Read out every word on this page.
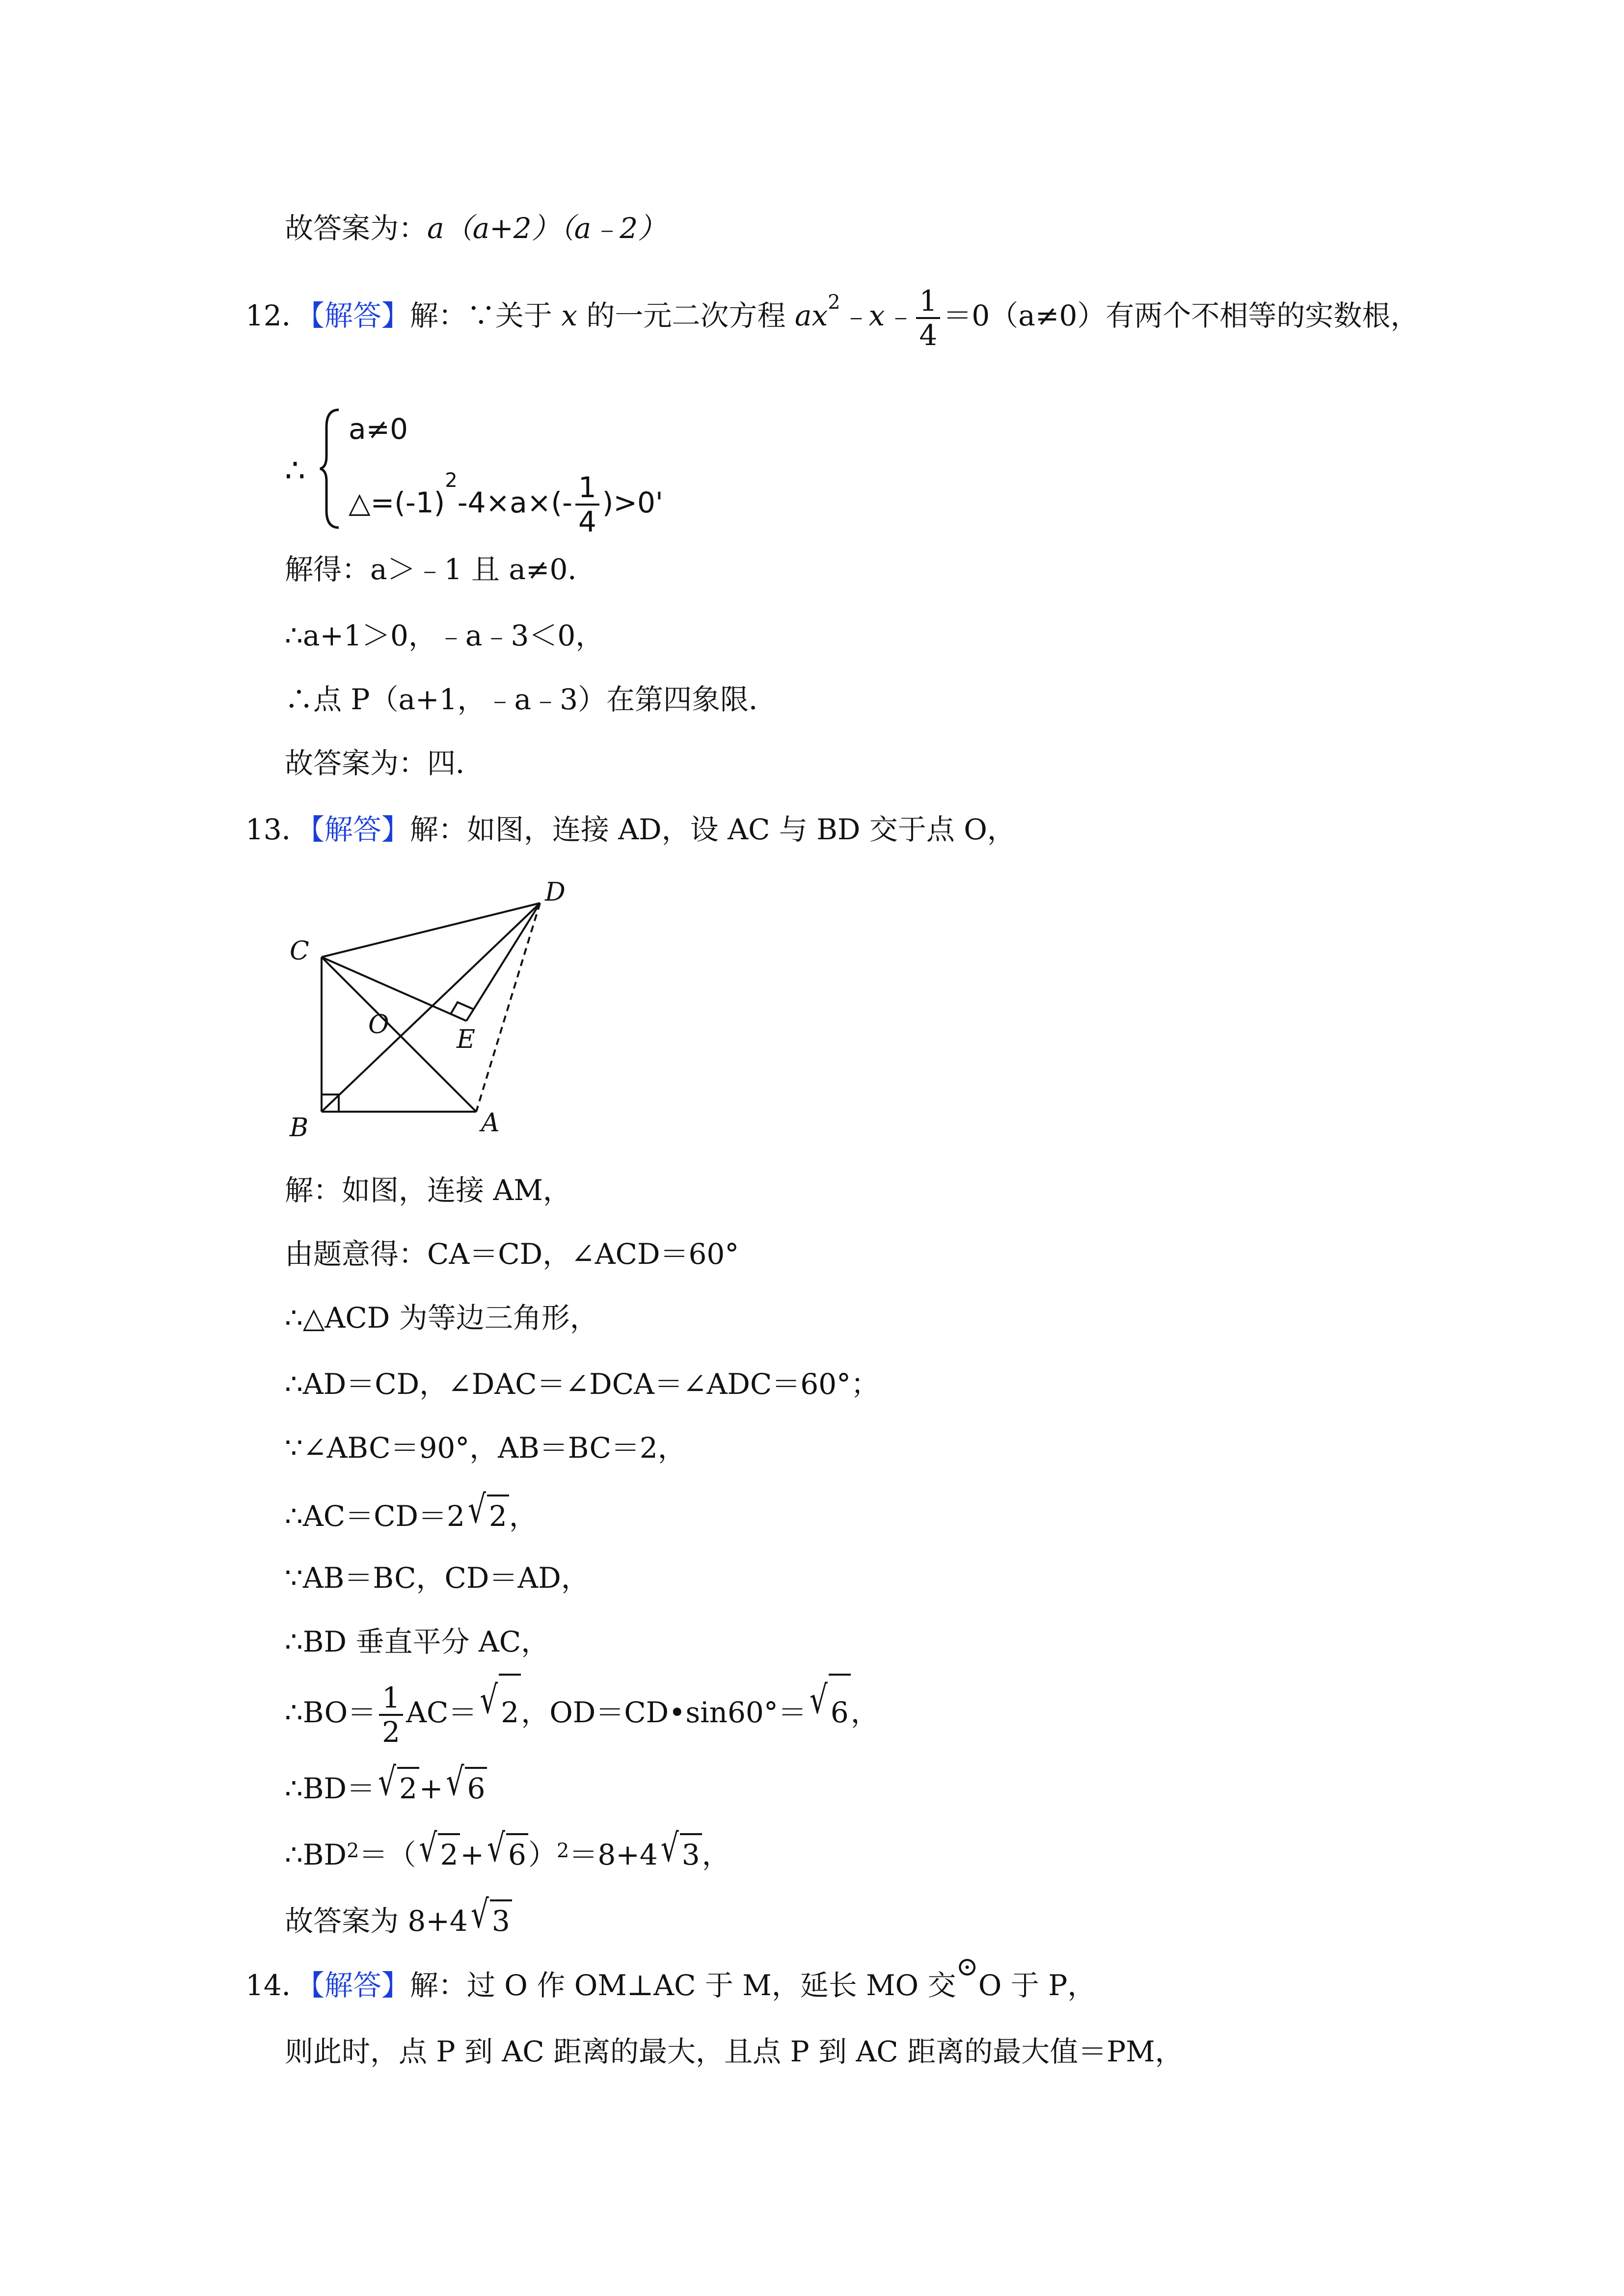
故答案为：a（a+2）（a﹣2）
12．【解答】解：∵关于 x 的一元二次方程 $ax^2﹣x﹣ \frac{1}{4} =0(a\ne 0)$有两个不相等的实数根，
∴
a≠0
$\triangle=(-1)^2-4\times a\times(- \frac{1}{4} )>0'$
解得：a＞﹣1 且 a≠0．
∴a+1＞0，﹣a﹣3＜0，
∴点 P（a+1，﹣a﹣3）在第四象限．
故答案为：四．
13．【解答】解：如图，连接 AD，设 AC 与 BD 交于点 O，
C
D
O	E
B	A
解：如图，连接 AM，
由题意得：CA＝CD，∠ACD＝60°
∴△ACD 为等边三角形，
∴AD＝CD，∠DAC＝∠DCA＝∠ADC＝60°；
∵∠ABC＝90°，AB＝BC＝2，
∴AC＝CD＝2 √ 2，
∵AB＝BC，CD＝AD，
∴BD 垂直平分 AC，
∴BO＝ $\frac{1}{2} AC=$ √ 2，OD＝CD•sin60°＝ √ 6，
∴BD＝ √ 2+ √ 6
$\therefore BD^2=$（ √ 2+ √ 6）$^2$＝8+4 √ 3，
故答案为 8+4 √ 3
14．【解答】解：过 O 作 OM⊥AC 于 M，延长 MO 交⊙O 于 P，
则此时，点 P 到 AC 距离的最大，且点 P 到 AC 距离的最大值＝PM，
